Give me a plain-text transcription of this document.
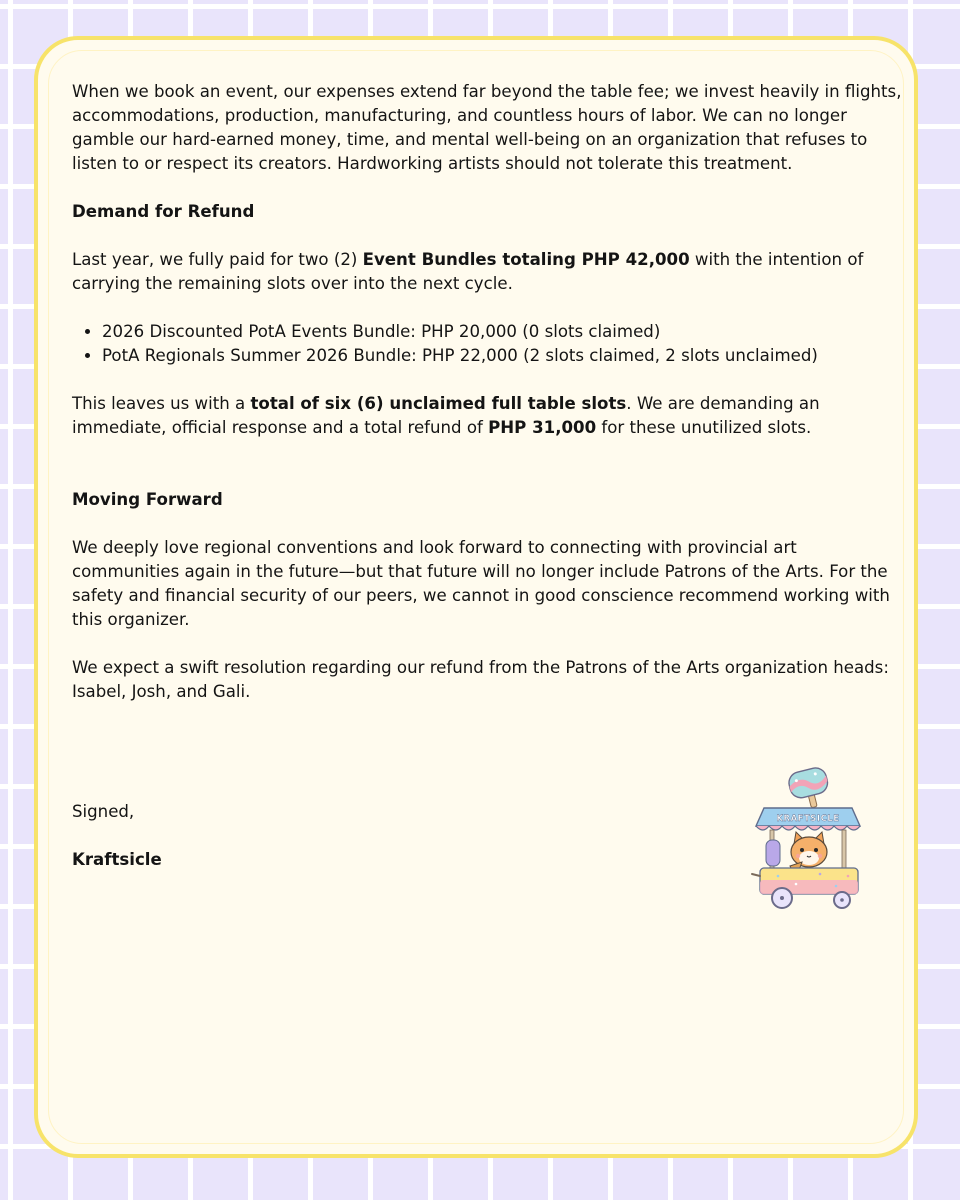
When we book an event, our expenses extend far beyond the table fee; we invest heavily in flights, accommodations, production, manufacturing, and countless hours of labor. We can no longer gamble our hard-earned money, time, and mental well-being on an organization that refuses to listen to or respect its creators. Hardworking artists should not tolerate this treatment.

Demand for Refund

Last year, we fully paid for two (2) Event Bundles totaling PHP 42,000 with the intention of carrying the remaining slots over into the next cycle.

• 2026 Discounted PotA Events Bundle: PHP 20,000 (0 slots claimed)
• PotA Regionals Summer 2026 Bundle: PHP 22,000 (2 slots claimed, 2 slots unclaimed)

This leaves us with a total of six (6) unclaimed full table slots. We are demanding an immediate, official response and a total refund of PHP 31,000 for these unutilized slots.

Moving Forward

We deeply love regional conventions and look forward to connecting with provincial art communities again in the future—but that future will no longer include Patrons of the Arts. For the safety and financial security of our peers, we cannot in good conscience recommend working with this organizer.

We expect a swift resolution regarding our refund from the Patrons of the Arts organization heads: Isabel, Josh, and Gali.

Signed,

Kraftsicle

KRAFTSICLE
